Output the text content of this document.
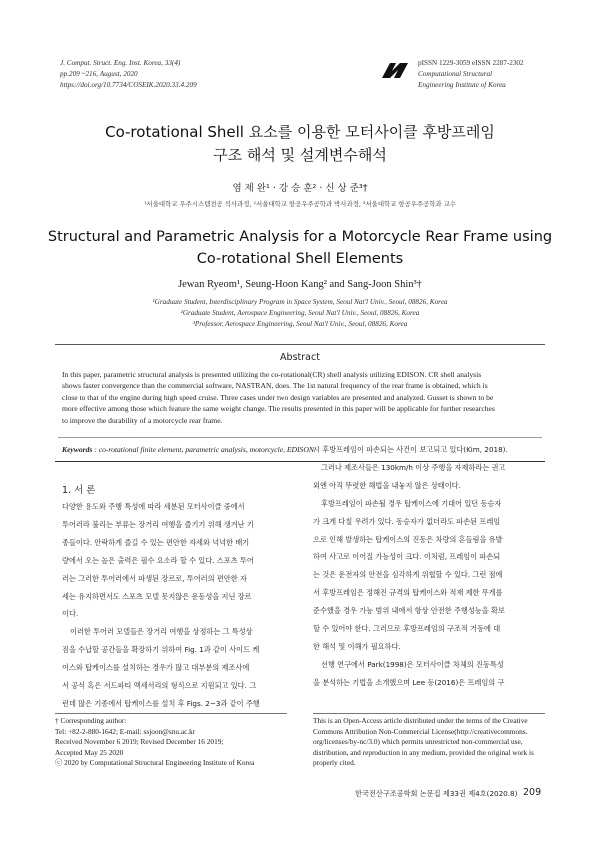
J. Comput. Struct. Eng. Inst. Korea, 33(4)
pp.209 ~216, August, 2020
https://doi.org/10.7734/COSEIK.2020.33.4.209
pISSN 1229-3059 eISSN 2287-2302
Computational Structural
Engineering Institute of Korea
Co-rotational Shell 요소를 이용한 모터사이클 후방프레임
구조 해석 및 설계변수해석
염 제 완¹ · 강 승 훈² · 신 상 준³†
¹서울대학교 우주시스템전공 석사과정, ²서울대학교 항공우주공학과 박사과정, ³서울대학교 항공우주공학과 교수
Structural and Parametric Analysis for a Motorcycle Rear Frame using
Co-rotational Shell Elements
Jewan Ryeom¹, Seung-Hoon Kang² and Sang-Joon Shin³†
¹Graduate Student, Interdisciplinary Program in Space System, Seoul Nat'l Univ., Seoul, 08826, Korea
²Graduate Student, Aerospace Engineering, Seoul Nat'l Univ., Seoul, 08826, Korea
³Professor, Aerospace Engineering, Seoul Nat'l Univ., Seoul, 08826, Korea
Abstract
In this paper, parametric structural analysis is presented utilizing the co-rotational(CR) shell analysis utilizing EDISON. CR shell analysis
shows faster convergence than the commercial software, NASTRAN, does. The 1st natural frequency of the rear frame is obtained, which is
close to that of the engine during high speed cruise. Three cases under two design variables are presented and analyzed. Gusset is shown to be
more effective among those which feature the same weight change. The results presented in this paper will be applicable for further researches
to improve the durability of a motorcycle rear frame.
Keywords : co-rotational finite element, parametric analysis, motorcycle, EDISON.
1. 서 론
다양한 용도와 주행 특성에 따라 세분된 모터사이클 중에서
투어러라 불리는 부류는 장거리 여행을 즐기기 위해 생겨난 기
종들이다. 안락하게 즐길 수 있는 편안한 자세와 넉넉한 배기
량에서 오는 높은 출력은 필수 요소라 할 수 있다. 스포츠 투어
러는 그러한 투어러에서 파생된 장르로, 투어러의 편안한 자
세는 유지하면서도 스포츠 모델 못지않은 운동성을 지닌 장르
이다.
이러한 투어러 모델들은 장거리 여행을 상정하는 그 특성상
짐을 수납할 공간들을 확장하기 위하여 Fig. 1과 같이 사이드 케
이스와 탑케이스를 설치하는 경우가 많고 대부분의 제조사에
서 공식 혹은 서드파티 액세서리의 형식으로 지원되고 있다. 그
런데 많은 기종에서 탑케이스를 설치 후 Figs. 2~3과 같이 주행
시 후방프레임이 파손되는 사건이 보고되고 있다(Kim, 2018).
그러나 제조사들은 130km/h 이상 주행을 자제하라는 권고
외엔 아직 뚜렷한 해법을 내놓지 않은 상태이다.
후방프레임이 파손될 경우 탑케이스에 기대어 있던 동승자
가 크게 다칠 우려가 있다. 동승자가 없더라도 파손된 프레임
으로 인해 발생하는 탑케이스의 진동은 차량의 흔들림을 유발
하여 사고로 이어질 가능성이 크다. 이처럼, 프레임이 파손되
는 것은 운전자의 안전을 심각하게 위협할 수 있다. 그런 점에
서 후방프레임은 정해진 규격의 탑케이스와 적재 제한 무게를
준수했을 경우 가능 범위 내에서 항상 안전한 주행성능을 확보
할 수 있어야 한다. 그러므로 후방프레임의 구조적 거동에 대
한 해석 및 이해가 필요하다.
선행 연구에서 Park(1998)은 모터사이클 차체의 진동특성
을 분석하는 기법을 소개했으며 Lee 등(2016)은 프레임의 구
† Corresponding author:
Tel: +82-2-880-1642; E-mail: ssjoon@snu.ac.kr
Received November 6 2019; Revised December 16 2019;
Accepted May 25 2020
ⓒ 2020 by Computational Structural Engineering Institute of Korea
This is an Open-Access article distributed under the terms of the Creative
Commons Attribution Non-Commercial License(http://creativecommons.
org/licenses/by-nc/3.0) which permits unrestricted non-commercial use,
distribution, and reproduction in any medium, provided the original work is
properly cited.
한국전산구조공학회 논문집 제33권 제4호(2020.8) 209
